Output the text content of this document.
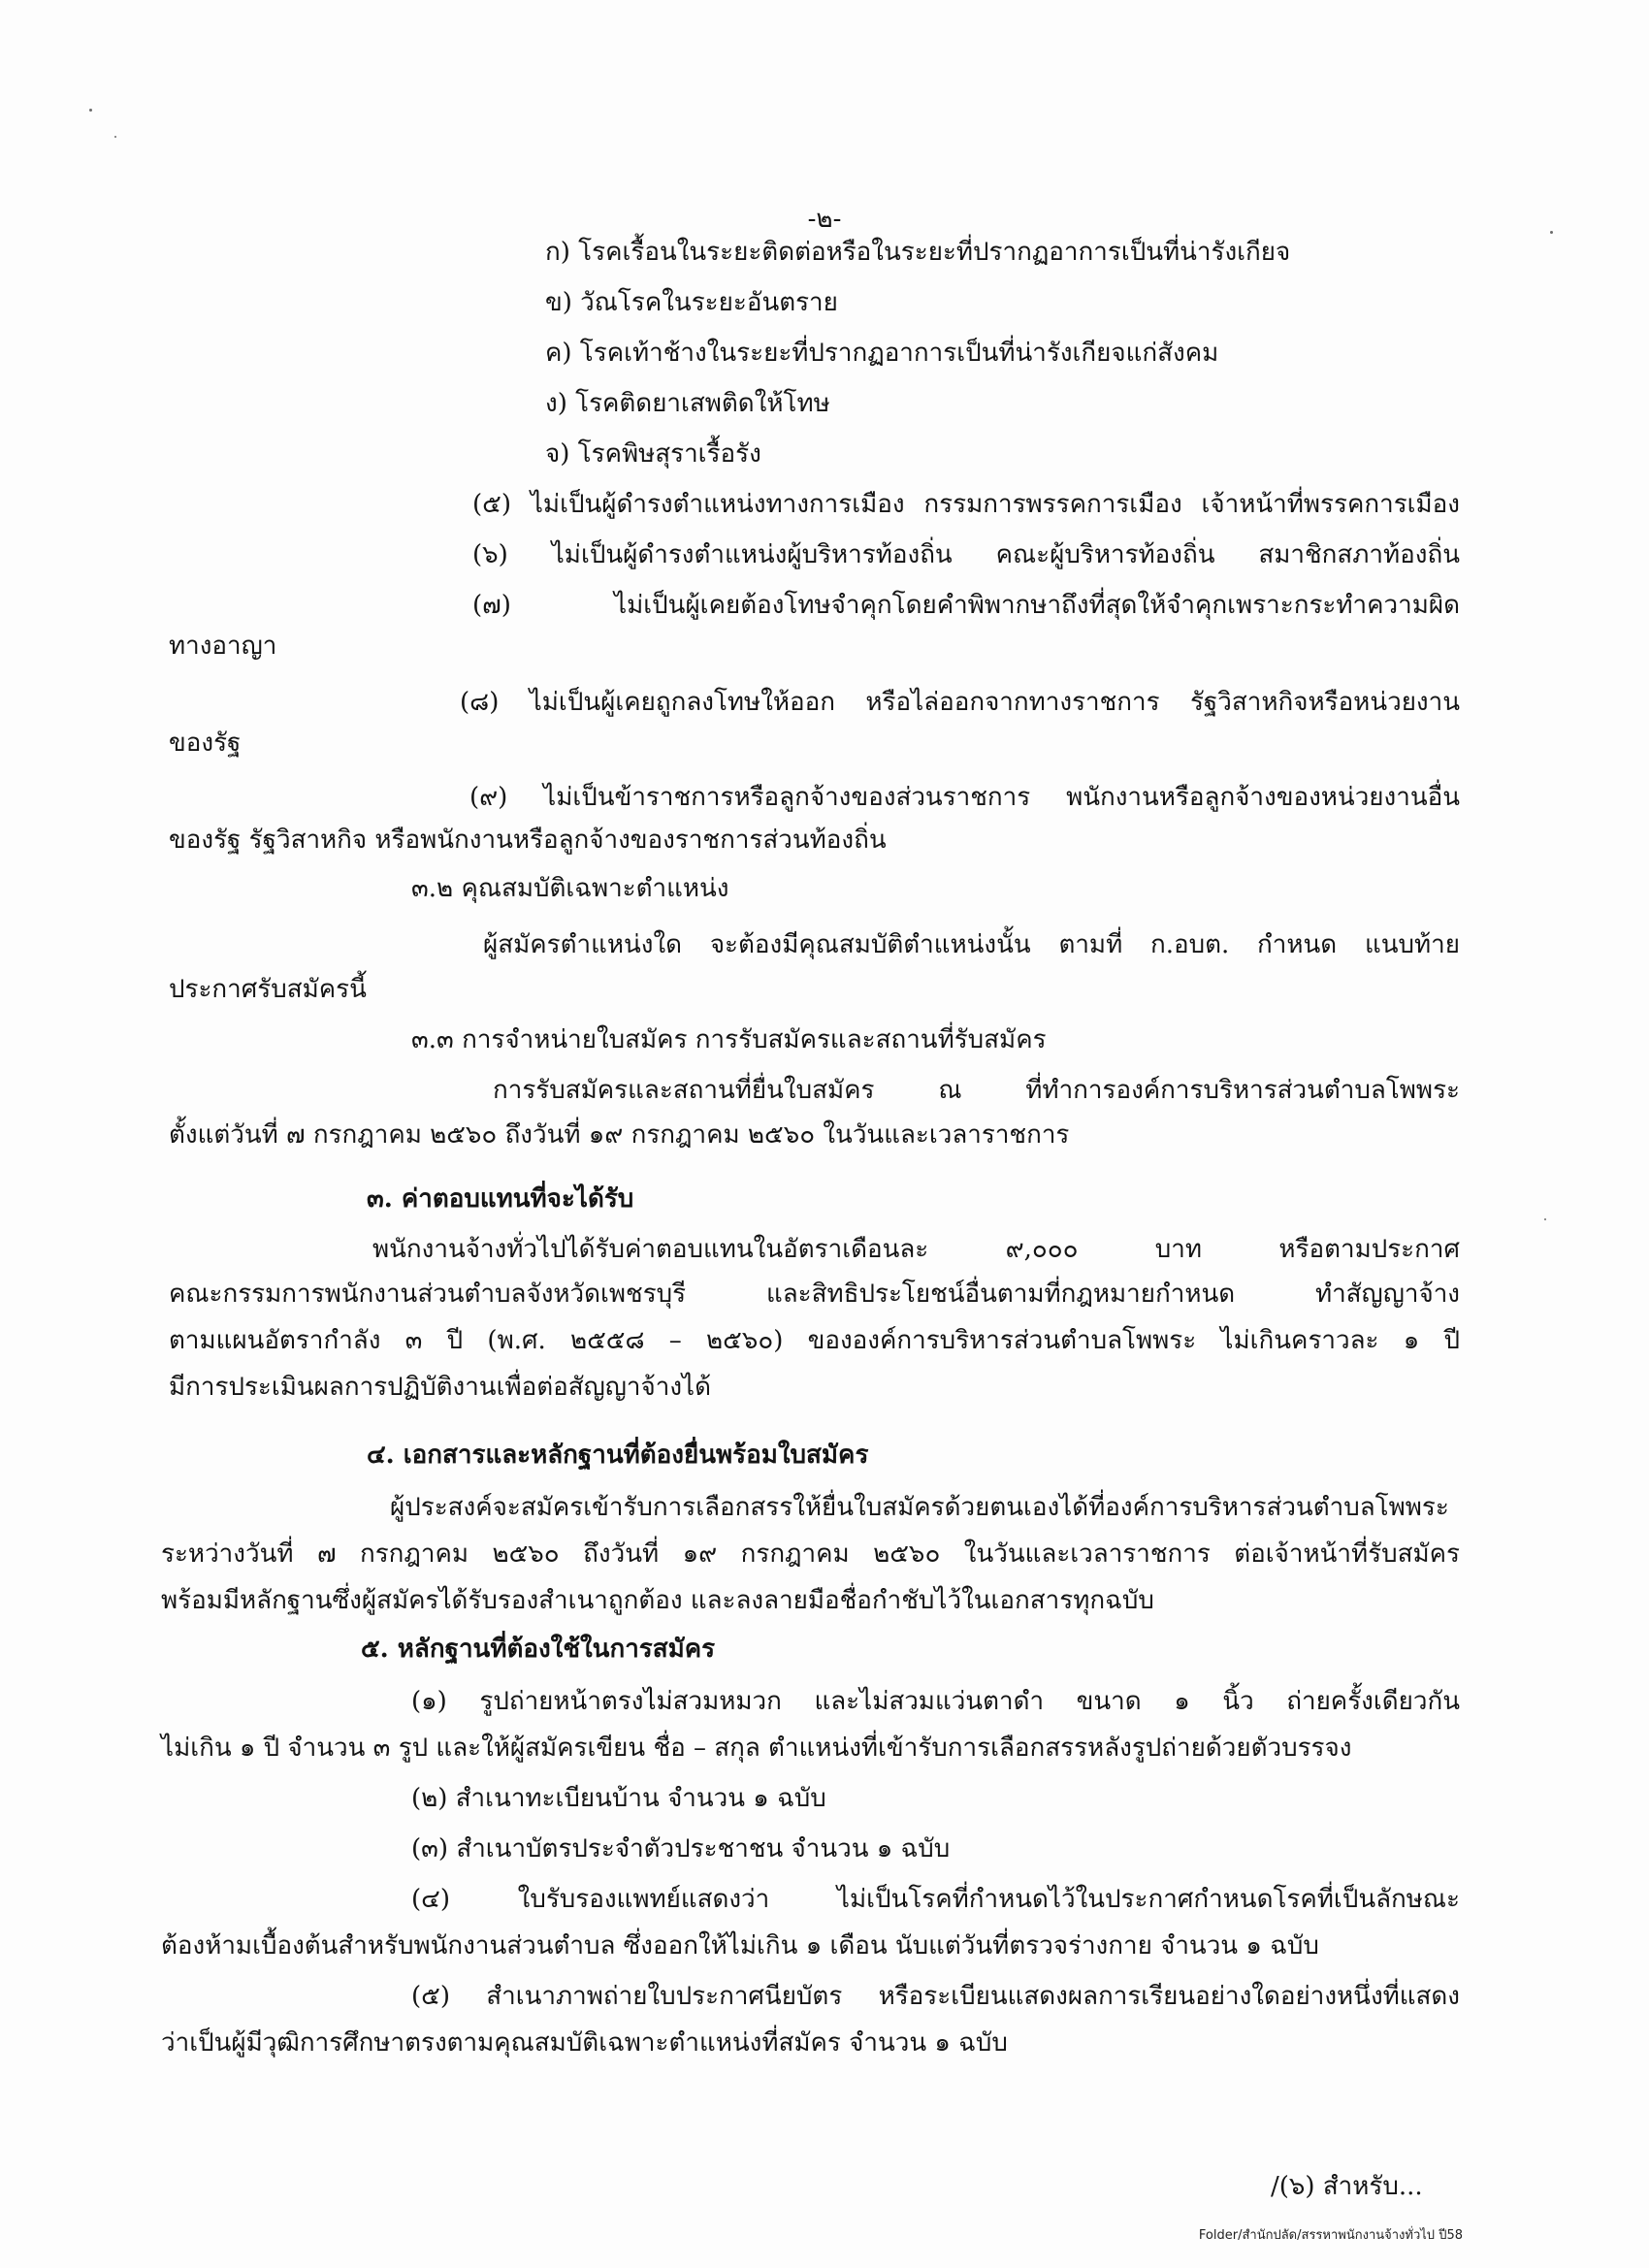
-๒-
ก) โรคเรื้อนในระยะติดต่อหรือในระยะที่ปรากฏอาการเป็นที่น่ารังเกียจ
ข) วัณโรคในระยะอันตราย
ค) โรคเท้าช้างในระยะที่ปรากฏอาการเป็นที่น่ารังเกียจแก่สังคม
ง) โรคติดยาเสพติดให้โทษ
จ) โรคพิษสุราเรื้อรัง
(๕) ไม่เป็นผู้ดำรงตำแหน่งทางการเมือง กรรมการพรรคการเมือง เจ้าหน้าที่พรรคการเมือง
(๖) ไม่เป็นผู้ดำรงตำแหน่งผู้บริหารท้องถิ่น คณะผู้บริหารท้องถิ่น สมาชิกสภาท้องถิ่น
(๗) ไม่เป็นผู้เคยต้องโทษจำคุกโดยคำพิพากษาถึงที่สุดให้จำคุกเพราะกระทำความผิด
ทางอาญา
(๘) ไม่เป็นผู้เคยถูกลงโทษให้ออก หรือไล่ออกจากทางราชการ รัฐวิสาหกิจหรือหน่วยงาน
ของรัฐ
(๙) ไม่เป็นข้าราชการหรือลูกจ้างของส่วนราชการ พนักงานหรือลูกจ้างของหน่วยงานอื่น
ของรัฐ รัฐวิสาหกิจ หรือพนักงานหรือลูกจ้างของราชการส่วนท้องถิ่น
๓.๒ คุณสมบัติเฉพาะตำแหน่ง
ผู้สมัครตำแหน่งใด จะต้องมีคุณสมบัติตำแหน่งนั้น ตามที่ ก.อบต. กำหนด แนบท้าย
ประกาศรับสมัครนี้
๓.๓ การจำหน่ายใบสมัคร การรับสมัครและสถานที่รับสมัคร
การรับสมัครและสถานที่ยื่นใบสมัคร ณ ที่ทำการองค์การบริหารส่วนตำบลโพพระ
ตั้งแต่วันที่ ๗ กรกฎาคม ๒๕๖๐ ถึงวันที่ ๑๙ กรกฎาคม ๒๕๖๐ ในวันและเวลาราชการ
๓. ค่าตอบแทนที่จะได้รับ
พนักงานจ้างทั่วไปได้รับค่าตอบแทนในอัตราเดือนละ ๙,๐๐๐ บาท หรือตามประกาศ
คณะกรรมการพนักงานส่วนตำบลจังหวัดเพชรบุรี และสิทธิประโยชน์อื่นตามที่กฎหมายกำหนด ทำสัญญาจ้าง
ตามแผนอัตรากำลัง ๓ ปี (พ.ศ. ๒๕๕๘ – ๒๕๖๐) ขององค์การบริหารส่วนตำบลโพพระ ไม่เกินคราวละ ๑ ปี
มีการประเมินผลการปฏิบัติงานเพื่อต่อสัญญาจ้างได้
๔. เอกสารและหลักฐานที่ต้องยื่นพร้อมใบสมัคร
ผู้ประสงค์จะสมัครเข้ารับการเลือกสรรให้ยื่นใบสมัครด้วยตนเองได้ที่องค์การบริหารส่วนตำบลโพพระ
ระหว่างวันที่ ๗ กรกฎาคม ๒๕๖๐ ถึงวันที่ ๑๙ กรกฎาคม ๒๕๖๐ ในวันและเวลาราชการ ต่อเจ้าหน้าที่รับสมัคร
พร้อมมีหลักฐานซึ่งผู้สมัครได้รับรองสำเนาถูกต้อง และลงลายมือชื่อกำชับไว้ในเอกสารทุกฉบับ
๕. หลักฐานที่ต้องใช้ในการสมัคร
(๑) รูปถ่ายหน้าตรงไม่สวมหมวก และไม่สวมแว่นตาดำ ขนาด ๑ นิ้ว ถ่ายครั้งเดียวกัน
ไม่เกิน ๑ ปี จำนวน ๓ รูป และให้ผู้สมัครเขียน ชื่อ – สกุล ตำแหน่งที่เข้ารับการเลือกสรรหลังรูปถ่ายด้วยตัวบรรจง
(๒) สำเนาทะเบียนบ้าน จำนวน ๑ ฉบับ
(๓) สำเนาบัตรประจำตัวประชาชน จำนวน ๑ ฉบับ
(๔) ใบรับรองแพทย์แสดงว่า ไม่เป็นโรคที่กำหนดไว้ในประกาศกำหนดโรคที่เป็นลักษณะ
ต้องห้ามเบื้องต้นสำหรับพนักงานส่วนตำบล ซึ่งออกให้ไม่เกิน ๑ เดือน นับแต่วันที่ตรวจร่างกาย จำนวน ๑ ฉบับ
(๕) สำเนาภาพถ่ายใบประกาศนียบัตร หรือระเบียนแสดงผลการเรียนอย่างใดอย่างหนึ่งที่แสดง
ว่าเป็นผู้มีวุฒิการศึกษาตรงตามคุณสมบัติเฉพาะตำแหน่งที่สมัคร จำนวน ๑ ฉบับ
/(๖) สำหรับ...
Folder/สำนักปลัด/สรรหาพนักงานจ้างทั่วไป ปี58
